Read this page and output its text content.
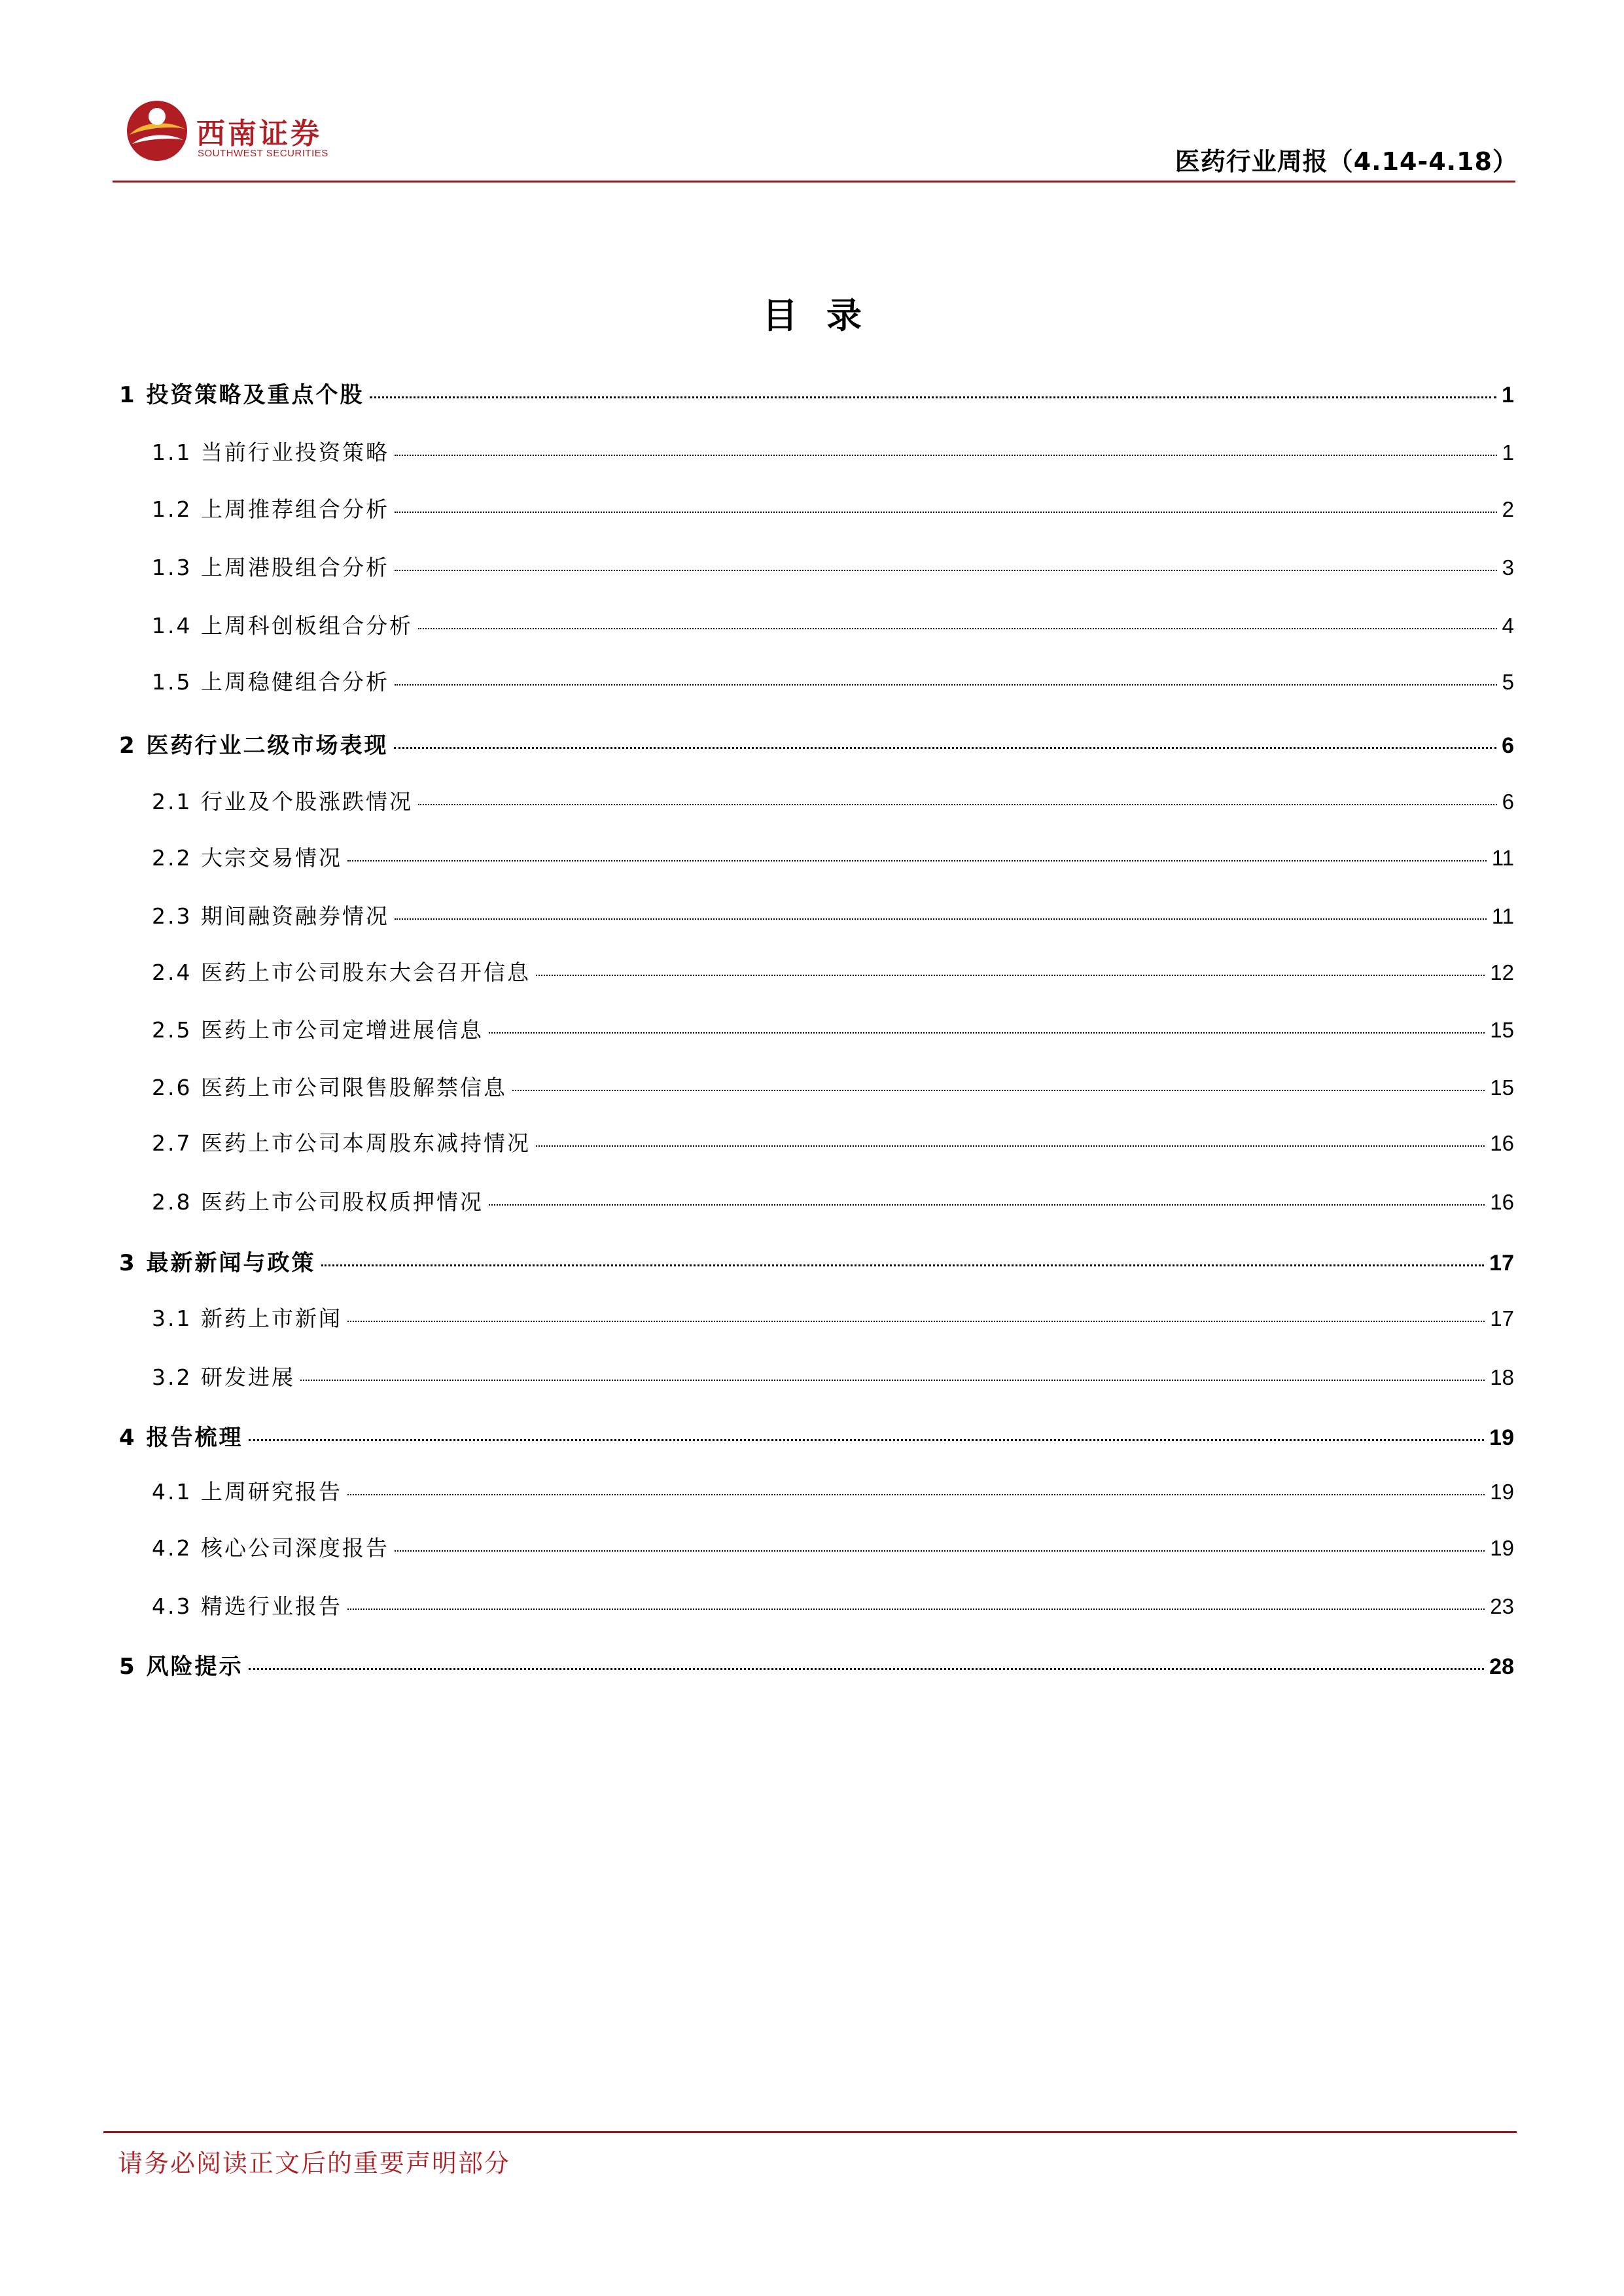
西南证券
SOUTHWEST SECURITIES	医药行业周报（4.14-4.18）
目录
1 投资策略及重点个股	1
1.1 当前行业投资策略	1
1.2 上周推荐组合分析	2
1.3 上周港股组合分析	3
1.4 上周科创板组合分析	4
1.5 上周稳健组合分析	5
2 医药行业二级市场表现	6
2.1 行业及个股涨跌情况	6
2.2 大宗交易情况	11
2.3 期间融资融券情况	11
2.4 医药上市公司股东大会召开信息	12
2.5 医药上市公司定增进展信息	15
2.6 医药上市公司限售股解禁信息	15
2.7 医药上市公司本周股东减持情况	16
2.8 医药上市公司股权质押情况	16
3 最新新闻与政策	17
3.1 新药上市新闻	17
3.2 研发进展	18
4 报告梳理	19
4.1 上周研究报告	19
4.2 核心公司深度报告	19
4.3 精选行业报告	23
5 风险提示	28
请务必阅读正文后的重要声明部分
